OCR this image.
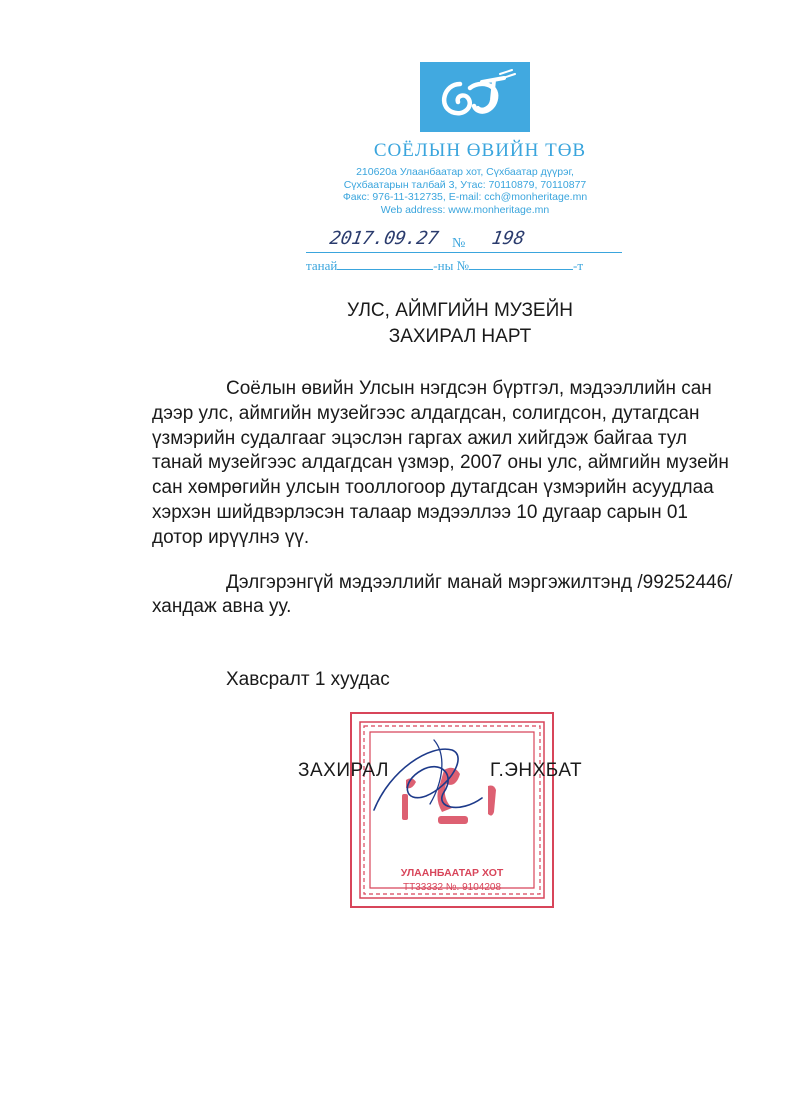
СОЁЛЫН ӨВИЙН ТӨВ
210620а Улаанбаатар хот, Сүхбаатар дүүрэг,
Сүхбаатарын талбай 3, Утас: 70110879, 70110877
Факс: 976-11-312735, E-mail: cch@monheritage.mn
Web address: www.monheritage.mn
2017.09.27 № 198
танай	-ны №	-т
УЛС, АЙМГИЙН МУЗЕЙН
ЗАХИРАЛ НАРТ

Соёлын өвийн Улсын нэгдсэн бүртгэл, мэдээллийн сан
дээр улс, аймгийн музейгээс алдагдсан, солигдсон, дутагдсан
үзмэрийн судалгааг эцэслэн гаргах ажил хийгдэж байгаа тул
танай музейгээс алдагдсан үзмэр, 2007 оны улс, аймгийн музейн
сан хөмрөгийн улсын тооллогоор дутагдсан үзмэрийн асуудлаа
хэрхэн шийдвэрлэсэн талаар мэдээллээ 10 дугаар сарын 01
дотор ирүүлнэ үү.

Дэлгэрэнгүй мэдээллийг манай мэргэжилтэнд /99252446/
хандаж авна уу.

Хавсралт 1 хуудас
УЛААНБААТАР ХОТ
ТТ33332 №. 9104208
ЗАХИРАЛ	Г.ЭНХБАТ
